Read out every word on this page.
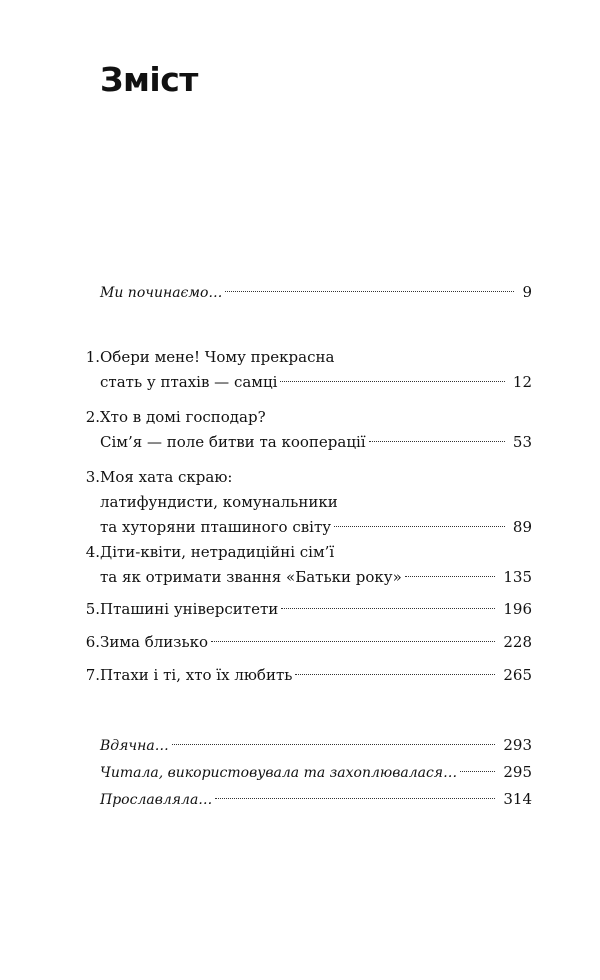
Зміст
Ми починаємо…	9
1. Обери мене! Чому прекрасна
стать у птахів — самці	12
2. Хто в домі господар?
Сім’я — поле битви та кооперації	53
3. Моя хата скраю:
латифундисти, комунальники
та хуторяни пташиного світу	89
4. Діти-квіти, нетрадиційні сім’ї
та як отримати звання «Батьки року»	135
5. Пташині університети	196
6. Зима близько	228
7. Птахи і ті, хто їх любить	265
Вдячна…	293
Читала, використовувала та захоплювалася…	295
Прославляла…	314
